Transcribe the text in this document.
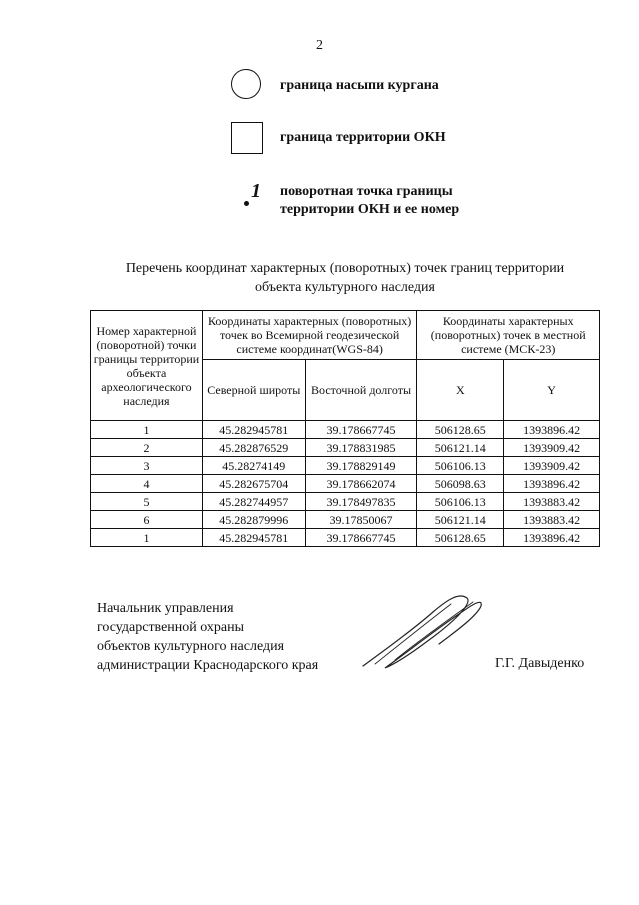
2
граница насыпи кургана
граница территории ОКН
1 поворотная точка границы
территории ОКН и ее номер
Перечень координат характерных (поворотных) точек границ территории
объекта культурного наследия
Номер характерной (поворотной) точки границы территории объекта археологического наследия	Координаты характерных (поворотных) точек во Всемирной геодезической системе координат(WGS-84)		Координаты характерных (поворотных) точек в местной системе (МСК-23)	
	Северной широты	Восточной долготы	X	Y
1	45.282945781	39.178667745	506128.65	1393896.42
2	45.282876529	39.178831985	506121.14	1393909.42
3	45.28274149	39.178829149	506106.13	1393909.42
4	45.282675704	39.178662074	506098.63	1393896.42
5	45.282744957	39.178497835	506106.13	1393883.42
6	45.282879996	39.17850067	506121.14	1393883.42
1	45.282945781	39.178667745	506128.65	1393896.42
Начальник управления
государственной охраны
объектов культурного наследия
администрации Краснодарского края	Г.Г. Давыденко
